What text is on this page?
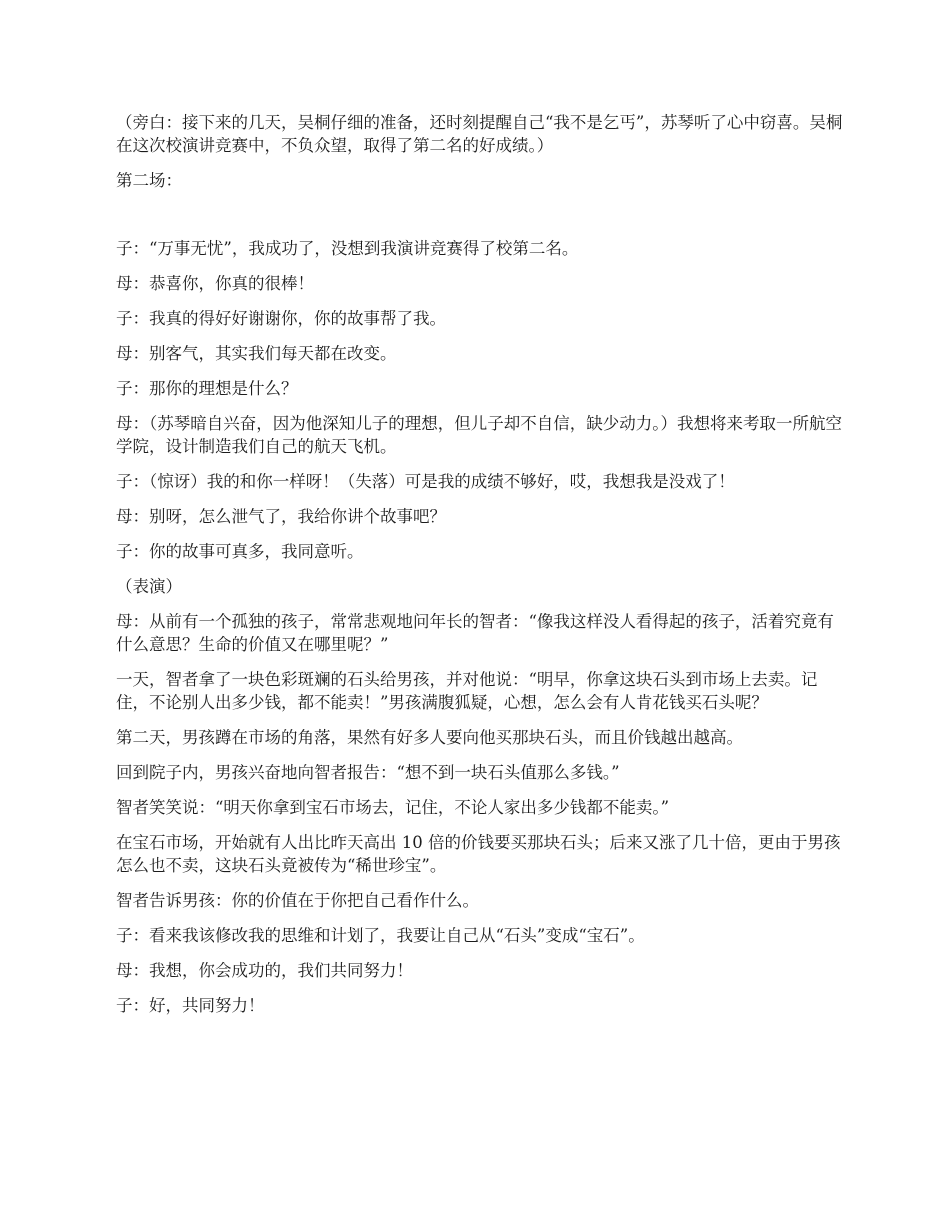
（旁白：接下来的几天，吴桐仔细的准备，还时刻提醒自己“我不是乞丐”，苏琴听了心中窃喜。吴桐在这次校演讲竞赛中，不负众望，取得了第二名的好成绩。）

第二场：

子：“万事无忧”，我成功了，没想到我演讲竞赛得了校第二名。

母：恭喜你，你真的很棒！

子：我真的得好好谢谢你，你的故事帮了我。

母：别客气，其实我们每天都在改变。

子：那你的理想是什么？

母：（苏琴暗自兴奋，因为他深知儿子的理想，但儿子却不自信，缺少动力。）我想将来考取一所航空学院，设计制造我们自己的航天飞机。

子：（惊讶）我的和你一样呀！（失落）可是我的成绩不够好，哎，我想我是没戏了！

母：别呀，怎么泄气了，我给你讲个故事吧？

子：你的故事可真多，我同意听。

（表演）

母：从前有一个孤独的孩子，常常悲观地问年长的智者：“像我这样没人看得起的孩子，活着究竟有什么意思？生命的价值又在哪里呢？”

一天，智者拿了一块色彩斑斓的石头给男孩，并对他说：“明早，你拿这块石头到市场上去卖。记住，不论别人出多少钱，都不能卖！”男孩满腹狐疑，心想，怎么会有人肯花钱买石头呢？

第二天，男孩蹲在市场的角落，果然有好多人要向他买那块石头，而且价钱越出越高。

回到院子内，男孩兴奋地向智者报告：“想不到一块石头值那么多钱。”

智者笑笑说：“明天你拿到宝石市场去，记住，不论人家出多少钱都不能卖。”

在宝石市场，开始就有人出比昨天高出 10 倍的价钱要买那块石头；后来又涨了几十倍，更由于男孩怎么也不卖，这块石头竟被传为“稀世珍宝”。

智者告诉男孩：你的价值在于你把自己看作什么。

子：看来我该修改我的思维和计划了，我要让自己从“石头”变成“宝石”。

母：我想，你会成功的，我们共同努力！

子：好，共同努力！
